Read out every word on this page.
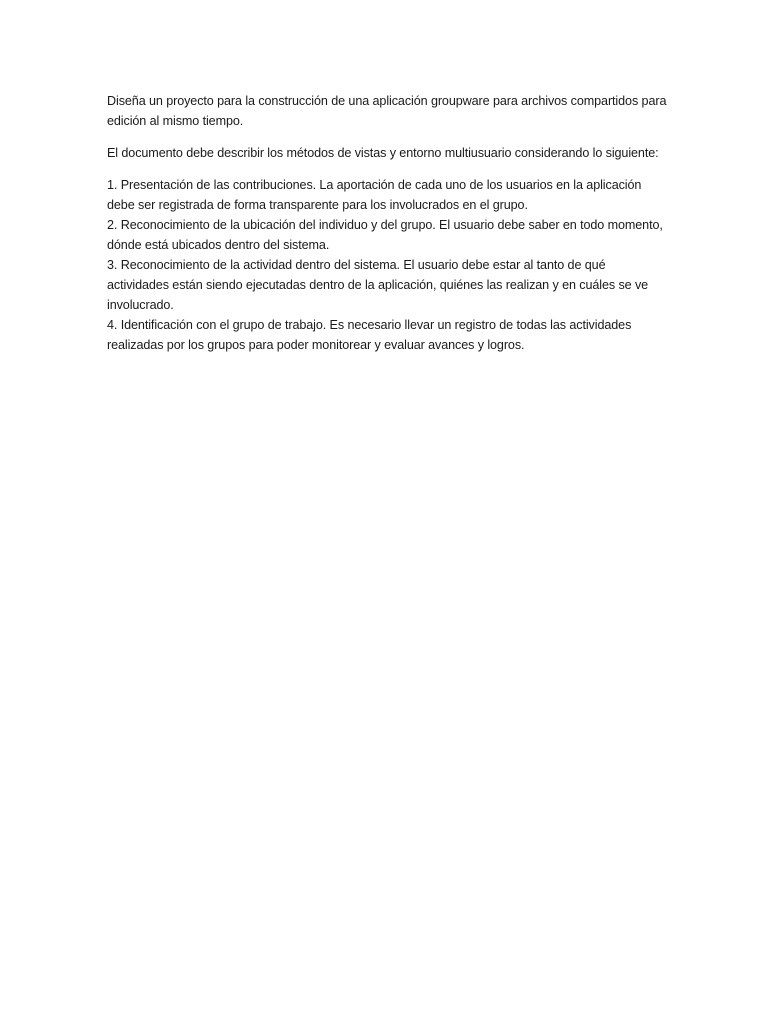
Diseña un proyecto para la construcción de una aplicación groupware para archivos compartidos para edición al mismo tiempo.

El documento debe describir los métodos de vistas y entorno multiusuario considerando lo siguiente:

1. Presentación de las contribuciones. La aportación de cada uno de los usuarios en la aplicación debe ser registrada de forma transparente para los involucrados en el grupo.
2. Reconocimiento de la ubicación del individuo y del grupo. El usuario debe saber en todo momento, dónde está ubicados dentro del sistema.
3. Reconocimiento de la actividad dentro del sistema. El usuario debe estar al tanto de qué actividades están siendo ejecutadas dentro de la aplicación, quiénes las realizan y en cuáles se ve involucrado.
4. Identificación con el grupo de trabajo. Es necesario llevar un registro de todas las actividades realizadas por los grupos para poder monitorear y evaluar avances y logros.
